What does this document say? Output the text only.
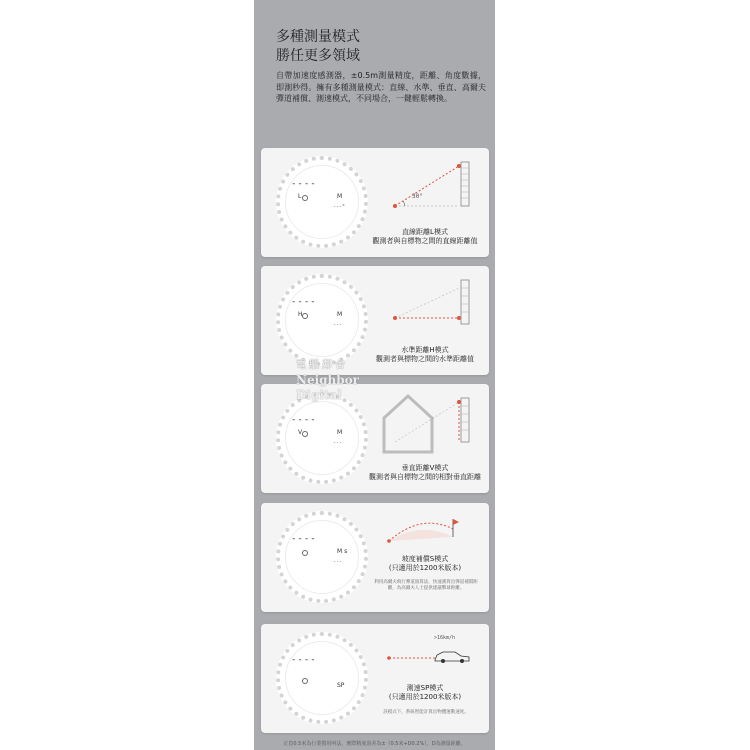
多種測量模式
勝任更多領域
自帶加速度感測器，±0.5m測量精度，距離、角度數據，即測秒得。擁有多種測量模式：直線、水準、垂直、高爾夫彈道補償、測速模式，不同場合，一鍵輕鬆轉換。
----
L	M
---°
30°
直線距離L模式
觀測者與自標物之間的直線距離值
----
H	M
---
水準距離H模式
觀測者與標物之間的水準距離值
----
V	M
---
垂直距離V模式
觀測者與自標物之間的相對垂直距離
----
M s
---	坡度補償S模式
(只適用於1200米版本)
利用高爾夫飛行彈道演算法，快速測算出彈道補償距離，為高爾夫人士提供建議擊球距離。
----
SP
>16km/h
測速SP模式
(只適用於1200米版本)
該模式下，系統智能計算出物體運動速度。
電腦鄰舍
Neighbor
Digital
正負0.5米為行業慣用叫法，實際精度誤差為±（0.5米+D0.2%），D為測量距離。
